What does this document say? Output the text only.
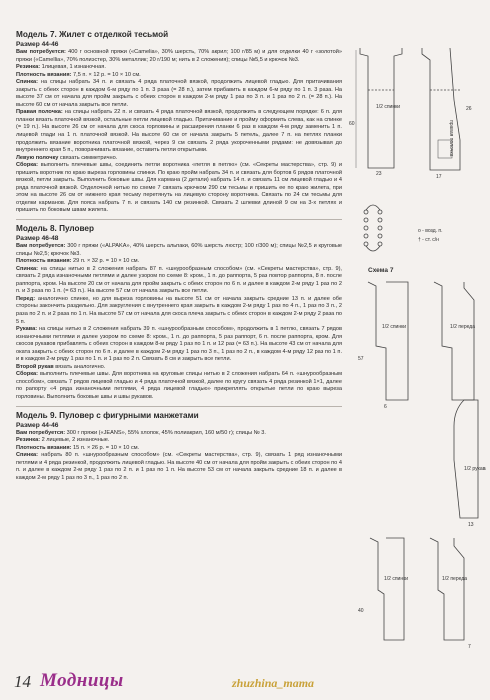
Модель 7. Жилет с отделкой тесьмой
Размер 44-46

Вам потребуется: 400 г основной пряжи («Camelia», 30% шерсть, 70% акрил; 100 г/85 м) и для отделки 40 г «золотой» пряжи («Camellia», 70% полиэстер, 30% металлик; 20 г/190 м; нить в 2 сложения); спицы №5,5 и крючок №3.

Резинка: 1лицевая, 1 изнаночная.

Плотность вязания: 7,5 п. × 12 р. = 10 × 10 см.

Спинка: на спицы набрать 34 п. и связать 4 ряда платочной вязкой, продолжить лицевой гладью. Для притачивания закрыть с обеих сторон в каждом 6-м ряду по 1 п. 3 раза (= 28 п.), затем прибавить в каждом 6-м ряду по 1 п. 3 раза. На высоте 37 см от начала для пройм закрыть с обеих сторон в каждом 2-м ряду 1 раз по 3 п. и 1 раз по 2 п. (= 28 п.). На высоте 60 см от начала закрыть все петли.

Правая полочка: на спицы набрать 22 п. и связать 4 ряда платочной вязкой, продолжить в следующем порядке: 6 п. для планки вязать платочной вязкой, остальные петли лицевой гладью. Притачивание и пройму оформить слева, как на спинке (= 19 п.). На высоте 26 см от начала для скоса горловины и расширения планки 6 раз в каждом 4-м ряду заменить 1 п. лицевой глади на 1 п. платочной вязкой. На высоте 60 см от начала закрыть 5 петель, далее 7 п. на петлях планки продолжить вязание воротника платочной вязкой, через 9 см связать 2 ряда укороченными рядами: не довязывая до внутреннего края 5 п., поворачивать вязание, оставить петли открытыми.

Левую полочку связать симметрично.

Сборка: выполнить плечевые швы, соединить петли воротника «петля в петлю» (см. «Секреты мастерства», стр. 9) и пришить воротник по краю выреза горловины спинки. По краю пройм набрать 34 п. и связать для бортов 6 рядов платочной вязкой, петли закрыть. Выполнить боковые швы. Для кармана (2 детали) набрать 14 п. и связать 11 см лицевой гладью и 4 ряда платочной вязкой. Отделочной нитью по схеме 7 связать крючком 290 см тесьмы и пришить ее по краю жилета, при этом на высоте 26 см от нижнего края тесьму перетянуть на лицевую сторону воротника. Связать по 24 см тесьмы для отделки карманов. Для пояса набрать 7 п. и связать 140 см резинкой. Связать 2 шлевки длиной 9 см на 3-х петлях и пришить по боковым швам жилета.

Модель 8. Пуловер
Размер 46-48

Вам потребуется: 300 г пряжи («ALPAKA», 40% шерсть альпаки, 60% шерсть люстр; 100 г/300 м); спицы №2,5 и круговые спицы №2,5; крючок №3.

Плотность вязания: 29 п. × 32 р. = 10 × 10 см.

Спинка: на спицы нитью в 2 сложения набрать 87 п. «шнурообразным способом» (см. «Секреты мастерства», стр. 9), связать 2 ряда изнаночными петлями и далее узором по схеме 8: кром., 1 п. до раппорта, 5 раз повтор раппорта, 8 п. после раппорта, кром. На высоте 20 см от начала для пройм закрыть с обеих сторон по 6 п. и далее в каждом 2-м ряду 1 раз по 2 п. и 3 раза по 1 п. (= 63 п.). На высоте 57 см от начала закрыть все петли.

Перед: аналогично спинке, но для выреза горловины на высоте 51 см от начала закрыть средние 13 п. и далее обе стороны закончить раздельно. Для закругления с внутреннего края закрыть в каждом 2-м ряду 1 раз по 4 п., 1 раз по 3 п., 2 раза по 2 п. и 2 раза по 1 п. На высоте 57 см от начала для скоса плеча закрыть с обеих сторон в каждом 2-м ряду 2 раза по 5 п.

Рукава: на спицы нитью в 2 сложения набрать 39 п. «шнурообразным способом», продолжить в 1 петлю, связать 7 рядов изнаночными петлями и далее узором по схеме 8: кром., 1 п. до раппорта, 5 раз раппорт, 6 п. после раппорта, кром. Для скосов рукавов прибавлять с обеих сторон в каждом 8-м ряду 1 раз по 1 п. и 12 раз (= 63 п.). На высоте 43 см от начала для оката закрыть с обеих сторон по 6 п. и далее в каждом 2-м ряду 1 раз по 3 п., 1 раз по 2 п., в каждом 4-м ряду 12 раз по 1 п. и в каждом 2-м ряду 1 раз по 1 п. и 1 раз по 2 п. Связать 8 см и закрыть все петли.

Второй рукав вязать аналогично.

Сборка: выполнить плечевые швы. Для воротника на круговые спицы нитью в 2 сложения набрать 64 п. «шнурообразным способом», связать 7 рядов лицевой гладью и 4 ряда платочной вязкой, далее по кругу связать 4 ряда резинкой 1×1, далее по рапорту «4 ряда изнаночными петлями, 4 ряда лицевой гладью» прикреплять открытые петли по краю выреза горловины. Выполнить боковые швы и швы рукавов.

Модель 9. Пуловер с фигурными манжетами
Размер 44-46

Вам потребуется: 300 г пряжи («JEANS», 55% хлопок, 45% полиакрил, 160 м/50 г); спицы № 3.

Резинка: 2 лицевые, 2 изнаночные.

Плотность вязания: 15 п. × 26 р. = 10 × 10 см.

Спинка: набрать 80 п. «шнурообразным способом» (см. «Секреты мастерства», стр. 9), связать 1 ряд изнаночными петлями и 4 ряда резинкой, продолжить лицевой гладью. На высоте 40 см от начала для пройм закрыть с обеих сторон по 4 п. и далее в каждом 2-м ряду 1 раз по 2 п. и 1 раз по 1 п. На высоте 53 см от начала закрыть средние 18 п. и далее в каждом 2-м ряду 1 раз по 3 п., 1 раз по 2 п.

1/2 спинки
23
60	правая полочка
17
26
о - возд. п.
† - ст. с/н
Схема 7
1/2 спинки
6
57
1/2 переда
1/2 рукава
13
1/2 спинки
40
1/2 переда
7
14 Модницы	zhuzhina_mama
